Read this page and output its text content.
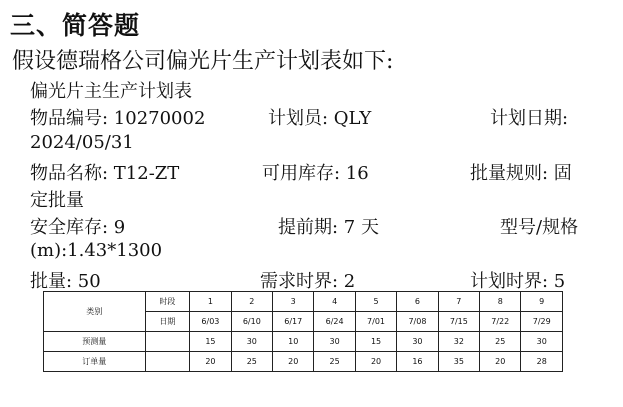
三、简答题
假设德瑞格公司偏光片生产计划表如下:
偏光片主生产计划表
物品编号: 10270002	计划员: QLY	计划日期:
2024/05/31
物品名称: T12-ZT	可用库存: 16	批量规则: 固
定批量
安全库存: 9	提前期: 7 天	型号/规格
(m):1.43*1300
批量: 50	需求时界: 2	计划时界: 5
类别	时段	1	2	3	4	5	6	7	8	9
	日期	6/03	6/10	6/17	6/24	7/01	7/08	7/15	7/22	7/29
预测量		15	30	10	30	15	30	32	25	30
订单量		20	25	20	25	20	16	35	20	28
